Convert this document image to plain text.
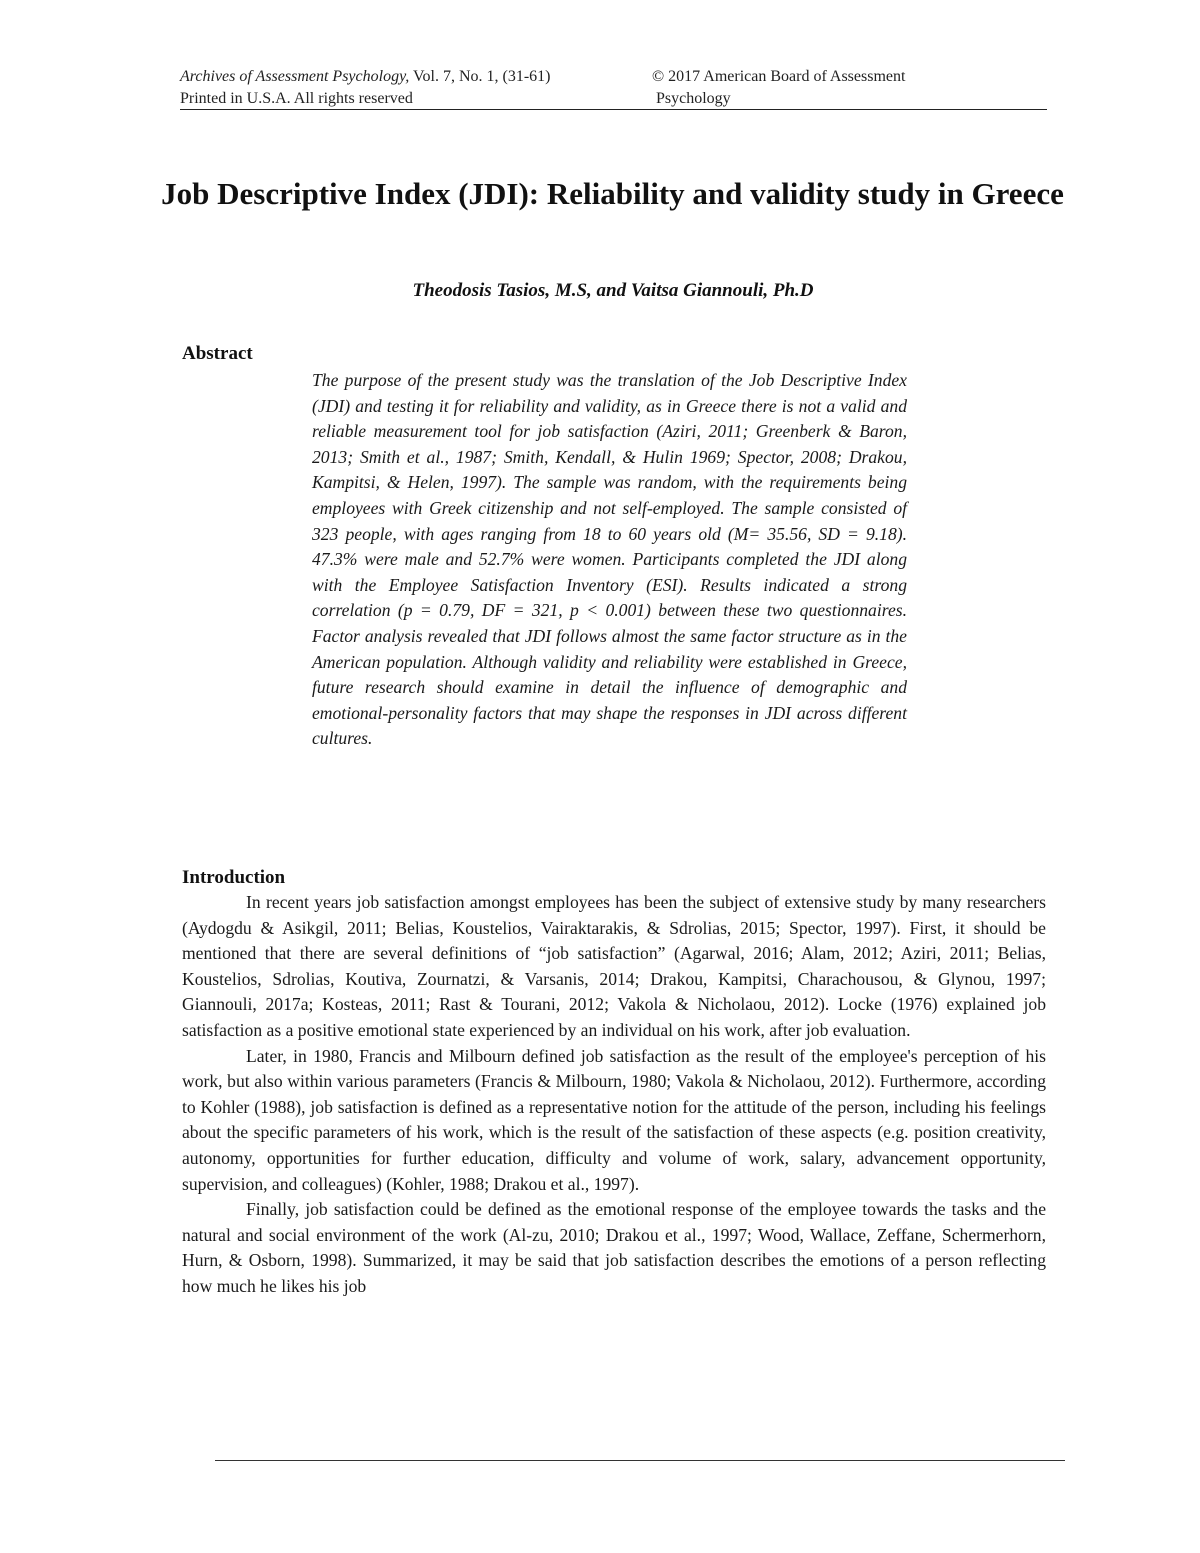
Archives of Assessment Psychology, Vol. 7, No. 1, (31-61)
Printed in U.S.A. All rights reserved
© 2017 American Board of Assessment
Psychology
Job Descriptive Index (JDI): Reliability and validity study in Greece
Theodosis Tasios, M.S, and Vaitsa Giannouli, Ph.D
Abstract

The purpose of the present study was the translation of the Job Descriptive Index (JDI) and testing it for reliability and validity, as in Greece there is not a valid and reliable measurement tool for job satisfaction (Aziri, 2011; Greenberk & Baron, 2013; Smith et al., 1987; Smith, Kendall, & Hulin 1969; Spector, 2008; Drakou, Kampitsi, & Helen, 1997). The sample was random, with the requirements being employees with Greek citizenship and not self-employed. The sample consisted of 323 people, with ages ranging from 18 to 60 years old (M= 35.56, SD = 9.18). 47.3% were male and 52.7% were women. Participants completed the JDI along with the Employee Satisfaction Inventory (ESI). Results indicated a strong correlation (p = 0.79, DF = 321, p < 0.001) between these two questionnaires. Factor analysis revealed that JDI follows almost the same factor structure as in the American population. Although validity and reliability were established in Greece, future research should examine in detail the influence of demographic and emotional-personality factors that may shape the responses in JDI across different cultures.

Introduction

In recent years job satisfaction amongst employees has been the subject of extensive study by many researchers (Aydogdu & Asikgil, 2011; Belias, Koustelios, Vairaktarakis, & Sdrolias, 2015; Spector, 1997). First, it should be mentioned that there are several definitions of “job satisfaction” (Agarwal, 2016; Alam, 2012; Aziri, 2011; Belias, Koustelios, Sdrolias, Koutiva, Zournatzi, & Varsanis, 2014; Drakou, Kampitsi, Charachousou, & Glynou, 1997; Giannouli, 2017a; Kosteas, 2011; Rast & Tourani, 2012; Vakola & Nicholaou, 2012). Locke (1976) explained job satisfaction as a positive emotional state experienced by an individual on his work, after job evaluation.

Later, in 1980, Francis and Milbourn defined job satisfaction as the result of the employee's perception of his work, but also within various parameters (Francis & Milbourn, 1980; Vakola & Nicholaou, 2012). Furthermore, according to Kohler (1988), job satisfaction is defined as a representative notion for the attitude of the person, including his feelings about the specific parameters of his work, which is the result of the satisfaction of these aspects (e.g. position creativity, autonomy, opportunities for further education, difficulty and volume of work, salary, advancement opportunity, supervision, and colleagues) (Kohler, 1988; Drakou et al., 1997).

Finally, job satisfaction could be defined as the emotional response of the employee towards the tasks and the natural and social environment of the work (Al-zu, 2010; Drakou et al., 1997; Wood, Wallace, Zeffane, Schermerhorn, Hurn, & Osborn, 1998). Summarized, it may be said that job satisfaction describes the emotions of a person reflecting how much he likes his job
